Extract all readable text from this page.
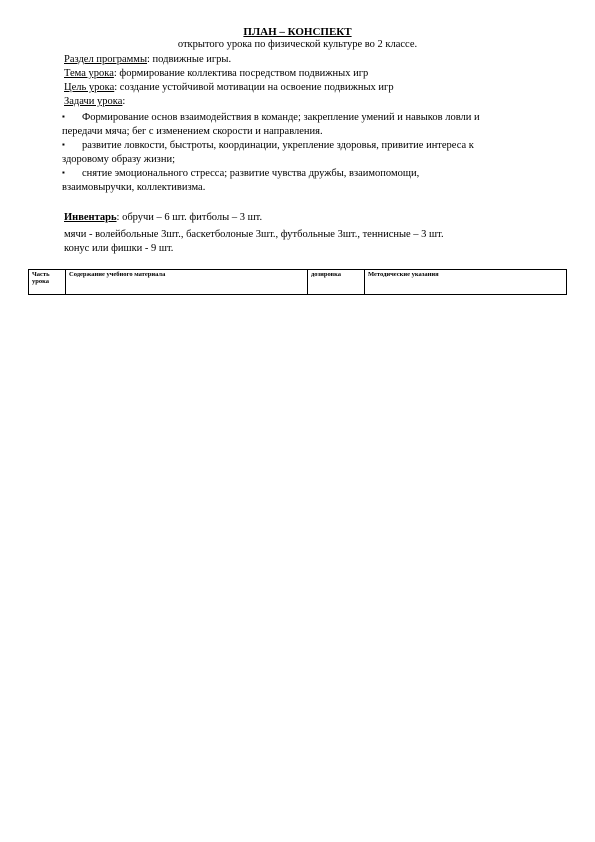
ПЛАН – КОНСПЕКТ
открытого урока по физической культуре во 2 классе.
Раздел программы: подвижные игры.
Тема урока: формирование коллектива посредством подвижных игр
Цель урока: создание устойчивой мотивации на освоение подвижных игр
Задачи урока:
▪ Формирование основ взаимодействия в команде; закрепление умений и навыков ловли и
передачи мяча; бег с изменением скорости и направления.
▪ развитие ловкости, быстроты, координации, укрепление здоровья, привитие интереса к
здоровому образу жизни;
▪ снятие эмоционального стресса; развитие чувства дружбы, взаимопомощи,
взаимовыручки, коллективизма.
Инвентарь: обручи – 6 шт. фитболы – 3 шт.
мячи - волейбольные 3шт., баскетболоные 3шт., футбольные 3шт., теннисные – 3 шт.
конус или фишки - 9 шт.
Часть урока	Содержание учебного материала	дозировка	Методические указания
